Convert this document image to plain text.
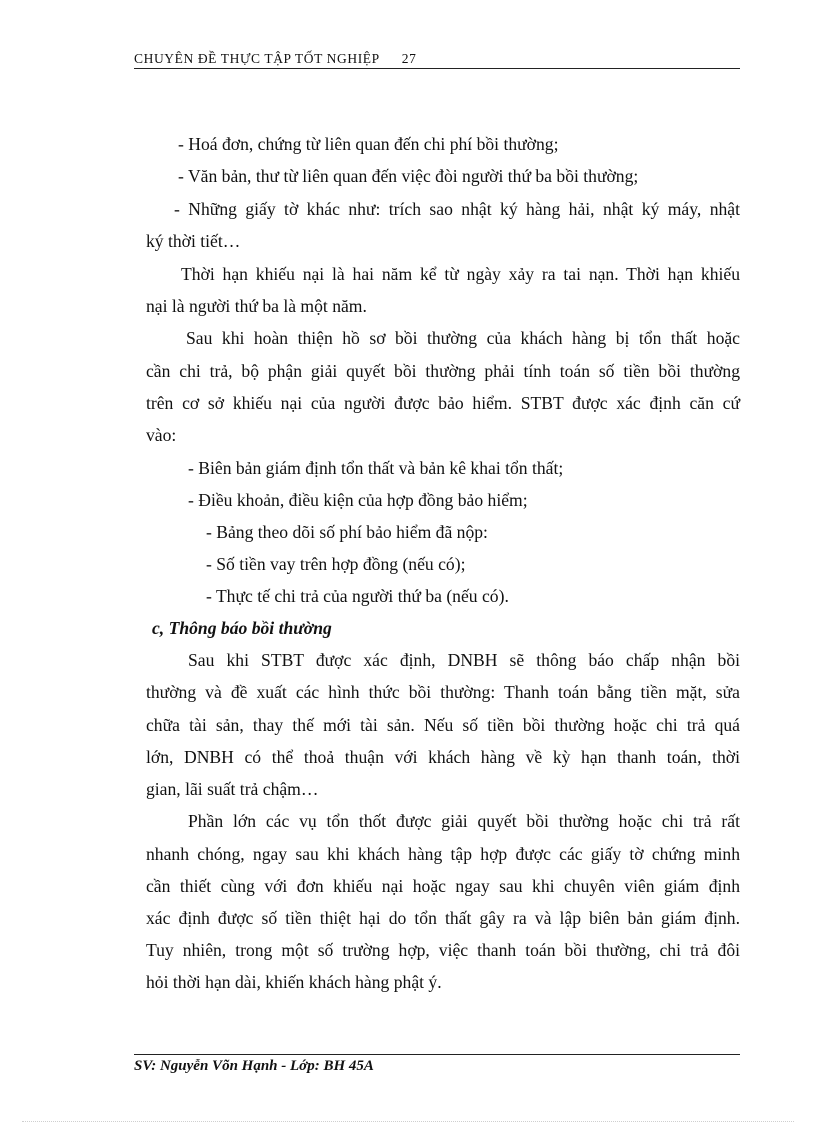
CHUYÊN ĐỀ THỰC TẬP TỐT NGHIỆP 27
- Hoá đơn, chứng từ liên quan đến chi phí bồi thường;
- Văn bản, thư từ liên quan đến việc đòi người thứ ba bồi thường;
- Những giấy tờ khác như: trích sao nhật ký hàng hải, nhật ký máy, nhật
ký thời tiết…
Thời hạn khiếu nại là hai năm kể từ ngày xảy ra tai nạn. Thời hạn khiếu
nại là người thứ ba là một năm.
Sau khi hoàn thiện hồ sơ bồi thường của khách hàng bị tổn thất hoặc
cần chi trả, bộ phận giải quyết bồi thường phải tính toán số tiền bồi thường
trên cơ sở khiếu nại của người được bảo hiểm. STBT được xác định căn cứ
vào:
- Biên bản giám định tổn thất và bản kê khai tổn thất;
- Điều khoản, điều kiện của hợp đồng bảo hiểm;
- Bảng theo dõi số phí bảo hiểm đã nộp:
- Số tiền vay trên hợp đồng (nếu có);
- Thực tế chi trả của người thứ ba (nếu có).
c, Thông báo bồi thường
Sau khi STBT được xác định, DNBH sẽ thông báo chấp nhận bồi
thường và đề xuất các hình thức bồi thường: Thanh toán bằng tiền mặt, sửa
chữa tài sản, thay thế mới tài sản. Nếu số tiền bồi thường hoặc chi trả quá
lớn, DNBH có thể thoả thuận với khách hàng về kỳ hạn thanh toán, thời
gian, lãi suất trả chậm…
Phần lớn các vụ tổn thốt được giải quyết bồi thường hoặc chi trả rất
nhanh chóng, ngay sau khi khách hàng tập hợp được các giấy tờ chứng minh
cần thiết cùng với đơn khiếu nại hoặc ngay sau khi chuyên viên giám định
xác định được số tiền thiệt hại do tổn thất gây ra và lập biên bản giám định.
Tuy nhiên, trong một số trường hợp, việc thanh toán bồi thường, chi trả đôi
hỏi thời hạn dài, khiến khách hàng phật ý.
SV: Nguyễn Võn Hạnh - Lớp: BH 45A
